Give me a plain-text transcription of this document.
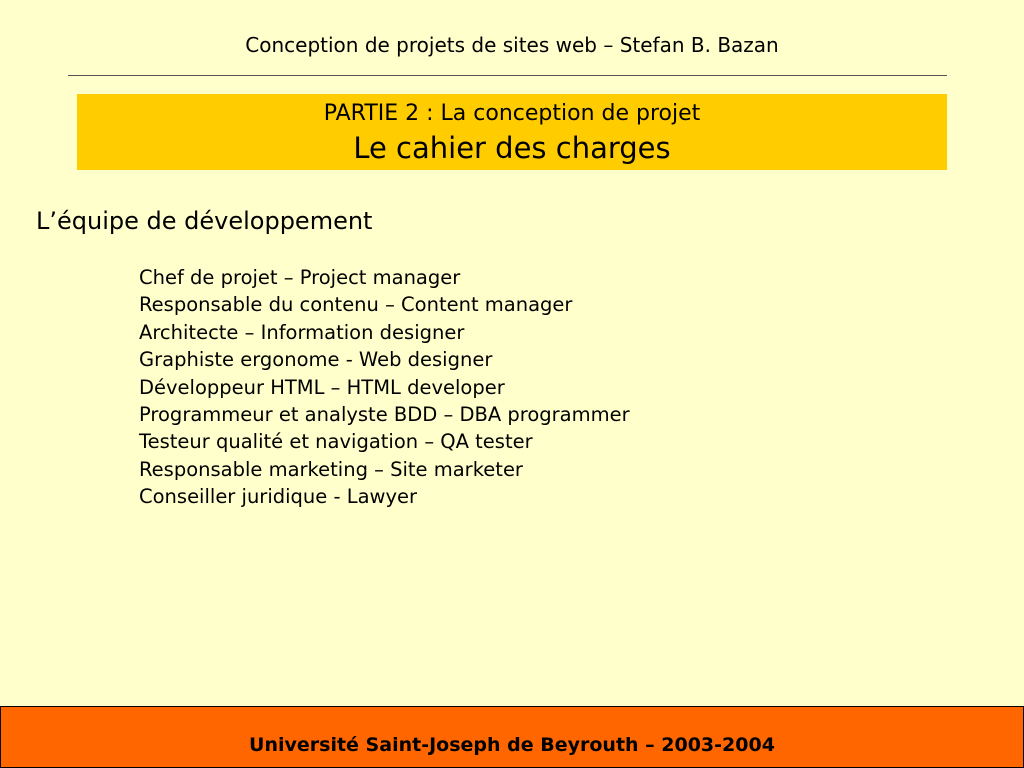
Conception de projets de sites web – Stefan B. Bazan
PARTIE 2 : La conception de projet
Le cahier des charges
L’équipe de développement
Chef de projet – Project manager
Responsable du contenu – Content manager
Architecte – Information designer
Graphiste ergonome - Web designer
Développeur HTML – HTML developer
Programmeur et analyste BDD – DBA programmer
Testeur qualité et navigation – QA tester
Responsable marketing – Site marketer
Conseiller juridique - Lawyer
Université Saint-Joseph de Beyrouth – 2003-2004
